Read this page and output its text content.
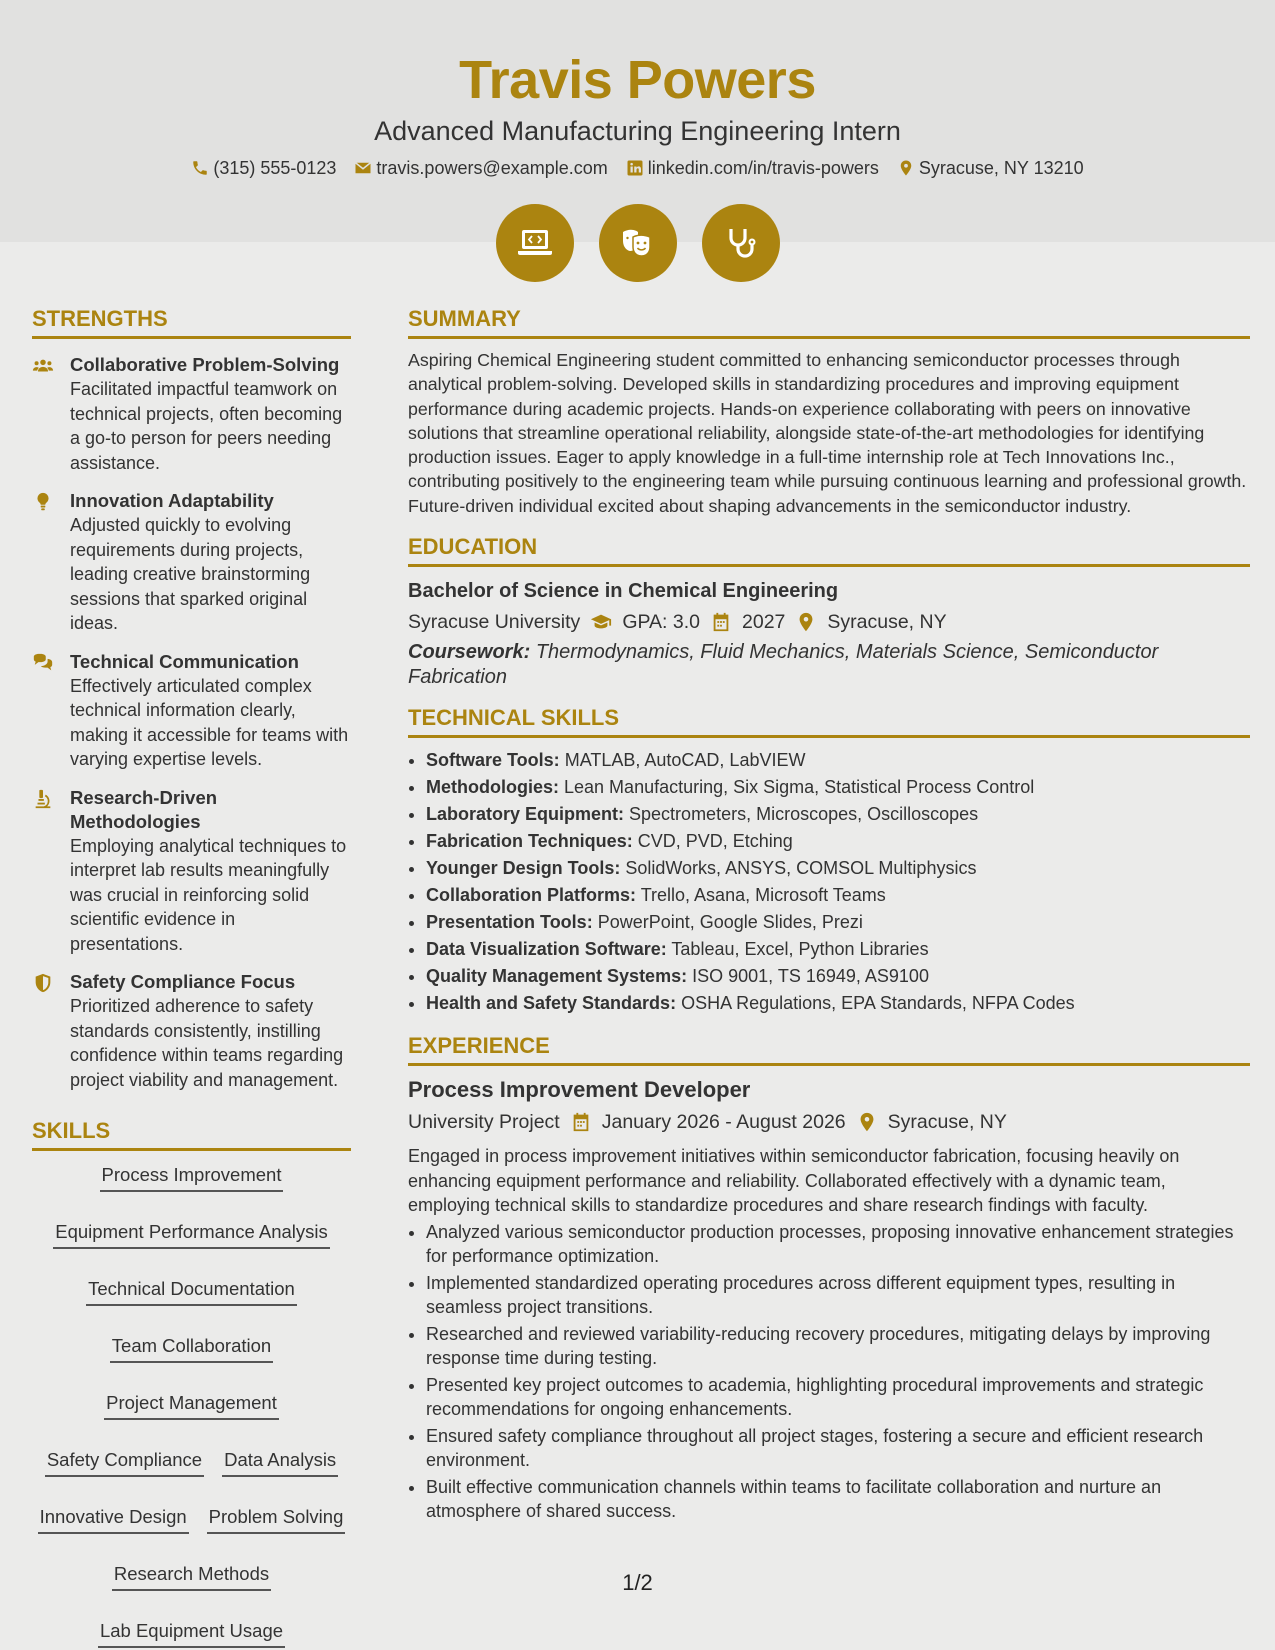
Travis Powers
Advanced Manufacturing Engineering Intern
(315) 555-0123 travis.powers@example.com linkedin.com/in/travis-powers Syracuse, NY 13210
STRENGTHS
Collaborative Problem-Solving
Facilitated impactful teamwork on technical projects, often becoming a go-to person for peers needing assistance.
Innovation Adaptability
Adjusted quickly to evolving requirements during projects, leading creative brainstorming sessions that sparked original ideas.
Technical Communication
Effectively articulated complex technical information clearly, making it accessible for teams with varying expertise levels.
Research-Driven Methodologies
Employing analytical techniques to interpret lab results meaningfully was crucial in reinforcing solid scientific evidence in presentations.
Safety Compliance Focus
Prioritized adherence to safety standards consistently, instilling confidence within teams regarding project viability and management.
SKILLS
Process Improvement
Equipment Performance Analysis
Technical Documentation
Team Collaboration
Project Management
Safety Compliance Data Analysis
Innovative Design Problem Solving
Research Methods
Lab Equipment Usage
SUMMARY
Aspiring Chemical Engineering student committed to enhancing semiconductor processes through analytical problem-solving. Developed skills in standardizing procedures and improving equipment performance during academic projects. Hands-on experience collaborating with peers on innovative solutions that streamline operational reliability, alongside state-of-the-art methodologies for identifying production issues. Eager to apply knowledge in a full-time internship role at Tech Innovations Inc., contributing positively to the engineering team while pursuing continuous learning and professional growth. Future-driven individual excited about shaping advancements in the semiconductor industry.
EDUCATION
Bachelor of Science in Chemical Engineering
Syracuse University GPA: 3.0 2027 Syracuse, NY
Coursework: Thermodynamics, Fluid Mechanics, Materials Science, Semiconductor Fabrication
TECHNICAL SKILLS
• Software Tools: MATLAB, AutoCAD, LabVIEW
• Methodologies: Lean Manufacturing, Six Sigma, Statistical Process Control
• Laboratory Equipment: Spectrometers, Microscopes, Oscilloscopes
• Fabrication Techniques: CVD, PVD, Etching
• Younger Design Tools: SolidWorks, ANSYS, COMSOL Multiphysics
• Collaboration Platforms: Trello, Asana, Microsoft Teams
• Presentation Tools: PowerPoint, Google Slides, Prezi
• Data Visualization Software: Tableau, Excel, Python Libraries
• Quality Management Systems: ISO 9001, TS 16949, AS9100
• Health and Safety Standards: OSHA Regulations, EPA Standards, NFPA Codes
EXPERIENCE
Process Improvement Developer
University Project January 2026 - August 2026 Syracuse, NY
Engaged in process improvement initiatives within semiconductor fabrication, focusing heavily on enhancing equipment performance and reliability. Collaborated effectively with a dynamic team, employing technical skills to standardize procedures and share research findings with faculty.
• Analyzed various semiconductor production processes, proposing innovative enhancement strategies for performance optimization.
• Implemented standardized operating procedures across different equipment types, resulting in seamless project transitions.
• Researched and reviewed variability-reducing recovery procedures, mitigating delays by improving response time during testing.
• Presented key project outcomes to academia, highlighting procedural improvements and strategic recommendations for ongoing enhancements.
• Ensured safety compliance throughout all project stages, fostering a secure and efficient research environment.
• Built effective communication channels within teams to facilitate collaboration and nurture an atmosphere of shared success.
1/2
